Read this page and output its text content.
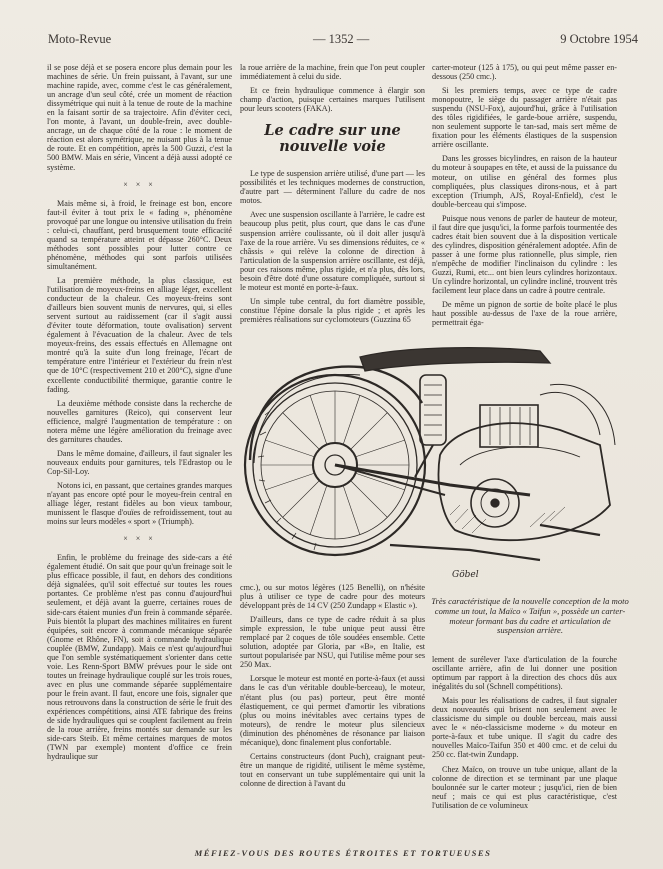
Moto-Revue	— 1352 —	9 Octobre 1954

il se pose déjà et se posera encore plus demain pour les machines de série. Un frein puissant, à l'avant, sur une machine rapide, avec, comme c'est le cas généralement, un ancrage d'un seul côté, crée un moment de réaction dissymétrique qui nuit à la tenue de route de la machine en la faisant sortir de sa trajectoire. Afin d'éviter ceci, l'on monte, à l'avant, un double-frein, avec double-ancrage, un de chaque côté de la roue : le moment de réaction est alors symétrique, ne nuisant plus à la tenue de route. Et en compétition, après la 500 Guzzi, c'est la 500 BMW. Mais en série, Vincent a déjà aussi adopté ce système.

× × ×

Mais même si, à froid, le freinage est bon, encore faut-il éviter à tout prix le « fading », phénomène provoqué par une longue ou intensive utilisation du frein : celui-ci, chauffant, perd brusquement toute efficacité quand sa température atteint et dépasse 260°C. Deux méthodes sont possibles pour lutter contre ce phénomène, méthodes qui sont parfois utilisées simultanément.

La première méthode, la plus classique, est l'utilisation de moyeux-freins en alliage léger, excellent conducteur de la chaleur. Ces moyeux-freins sont d'ailleurs bien souvent munis de nervures, qui, si elles servent surtout au raidissement (car il s'agit aussi d'éviter toute déformation, toute ovalisation) servent également à l'évacuation de la chaleur. Avec de tels moyeux-freins, des essais effectués en Allemagne ont montré qu'à la suite d'un long freinage, l'écart de température entre l'intérieur et l'extérieur du frein n'est que de 10°C (respectivement 210 et 200°C), signe d'une excellente conductibilité thermique, garantie contre le fading.

La deuxième méthode consiste dans la recherche de nouvelles garnitures (Reico), qui conservent leur efficience, malgré l'augmentation de température : on notera même une légère amélioration du freinage avec des garnitures chaudes.

Dans le même domaine, d'ailleurs, il faut signaler les nouveaux enduits pour garnitures, tels l'Edrastop ou le Cop-Sil-Loy.

Notons ici, en passant, que certaines grandes marques n'ayant pas encore opté pour le moyeu-frein central en alliage léger, restant fidèles au bon vieux tambour, munissent le flasque d'ouïes de refroidissement, tout au moins sur leurs modèles « sport » (Triumph).

× × ×

Enfin, le problème du freinage des side-cars a été également étudié. On sait que pour qu'un freinage soit le plus efficace possible, il faut, en dehors des conditions déjà signalées, qu'il soit effectué sur toutes les roues portantes. Ce problème n'est pas connu d'aujourd'hui seulement, et déjà avant la guerre, certaines roues de side-cars étaient munies d'un frein à commande séparée. Puis bientôt la plupart des machines militaires en furent équipées, soit encore à commande mécanique séparée (Gnome et Rhône, FN), soit à commande hydraulique couplée (BMW, Zundapp). Mais ce n'est qu'aujourd'hui que l'on semble systématiquement s'orienter dans cette voie. Les Renn-Sport BMW prévues pour le side ont toutes un freinage hydraulique couplé sur les trois roues, avec en plus une commande séparée supplémentaire pour le frein avant. Il faut, encore une fois, signaler que nous retrouvons dans la construction de série le fruit des expériences compétitions, ainsi ATE fabrique des freins de side hydrauliques qui se couplent facilement au frein de la roue arrière, freins montés sur demande sur les side-cars Steib. Et même certaines marques de motos (TWN par exemple) montent d'office ce frein hydraulique sur

la roue arrière de la machine, frein que l'on peut coupler immédiatement à celui du side.

Et ce frein hydraulique commence à élargir son champ d'action, puisque certaines marques l'utilisent pour leurs scooters (FAKA).

Le cadre sur une nouvelle voie

Le type de suspension arrière utilisé, d'une part — les possibilités et les techniques modernes de construction, d'autre part — déterminent l'allure du cadre de nos motos.

Avec une suspension oscillante à l'arrière, le cadre est beaucoup plus petit, plus court, que dans le cas d'une suspension arrière coulissante, où il doit aller jusqu'à l'axe de la roue arrière. Vu ses dimensions réduites, ce « châssis » qui relève la colonne de direction à l'articulation de la suspension arrière oscillante, est déjà, pour ces raisons même, plus rigide, et n'a plus, dès lors, besoin d'être doté d'une ossature compliquée, surtout si le moteur est monté en porte-à-faux.

Un simple tube central, du fort diamètre possible, constitue l'épine dorsale la plus rigide ; et après les premières réalisations sur cyclomoteurs (Guzzina 65

carter-moteur (125 à 175), ou qui peut même passer en-dessous (250 cmc.).

Si les premiers temps, avec ce type de cadre monopoutre, le siège du passager arrière n'était pas suspendu (NSU-Fox), aujourd'hui, grâce à l'utilisation des tôles rigidifiées, le garde-boue arrière, suspendu, non seulement supporte le tan-sad, mais sert même de fixation pour les éléments élastiques de la suspension arrière oscillante.

Dans les grosses bicylindres, en raison de la hauteur du moteur à soupapes en tête, et aussi de la puissance du moteur, on utilise en général des formes plus compliquées, plus classiques dirons-nous, et à part exception (Triumph, AJS, Royal-Enfield), c'est le double-berceau qui s'impose.

Puisque nous venons de parler de hauteur de moteur, il faut dire que jusqu'ici, la forme parfois tourmentée des cadres était bien souvent due à la disposition verticale des cylindres, disposition généralement adoptée. Afin de passer à une forme plus rationnelle, plus simple, rien n'empêche de modifier l'inclinaison du cylindre : les Guzzi, Rumi, etc... ont bien leurs cylindres horizontaux. Un cylindre horizontal, un cylindre incliné, trouvent très facilement leur place dans un cadre à poutre centrale.

De même un pignon de sortie de boîte placé le plus haut possible au-dessus de l'axe de la roue arrière, permettrait éga-

Göbel
Très caractéristique de la nouvelle conception de la moto comme un tout, la Maïco « Taifun », possède un carter-moteur formant bas du cadre et articulation de suspension arrière.

cmc.), ou sur motos légères (125 Benelli), on n'hésite plus à utiliser ce type de cadre pour des moteurs développant près de 14 CV (250 Zundapp « Elastic »).

D'ailleurs, dans ce type de cadre réduit à sa plus simple expression, le tube unique peut aussi être remplacé par 2 coques de tôle soudées ensemble. Cette solution, adoptée par Gloria, par «B», en Italie, est surtout popularisée par NSU, qui l'utilise même pour ses 250 Max.

Lorsque le moteur est monté en porte-à-faux (et aussi dans le cas d'un véritable double-berceau), le moteur, n'étant plus (ou pas) porteur, peut être monté élastiquement, ce qui permet d'amortir les vibrations (plus ou moins inévitables avec certains types de moteurs), de rendre le moteur plus silencieux (diminution des phénomènes de résonance par liaison mécanique), donc finalement plus confortable.

Certains constructeurs (dont Puch), craignant peut-être un manque de rigidité, utilisent le même système, tout en conservant un tube supplémentaire qui unit la colonne de direction à l'avant du

lement de surélever l'axe d'articulation de la fourche oscillante arrière, afin de lui donner une position optimum par rapport à la direction des chocs dûs aux inégalités du sol (Schnell compétitions).

Mais pour les réalisations de cadres, il faut signaler deux nouveautés qui brisent non seulement avec le classicisme du simple ou double berceau, mais aussi avec le « néo-classicisme moderne » du moteur en porte-à-faux et tube unique. Il s'agit du cadre des nouvelles Maïco-Taifun 350 et 400 cmc. et de celui du 250 cc. flat-twin Zundapp.

Chez Maïco, on trouve un tube unique, allant de la colonne de direction et se terminant par une plaque boulonnée sur le carter moteur ; jusqu'ici, rien de bien neuf ; mais ce qui est plus caractéristique, c'est l'utilisation de ce volumineux

MÉFIEZ-VOUS DES ROUTES ÉTROITES ET TORTUEUSES
